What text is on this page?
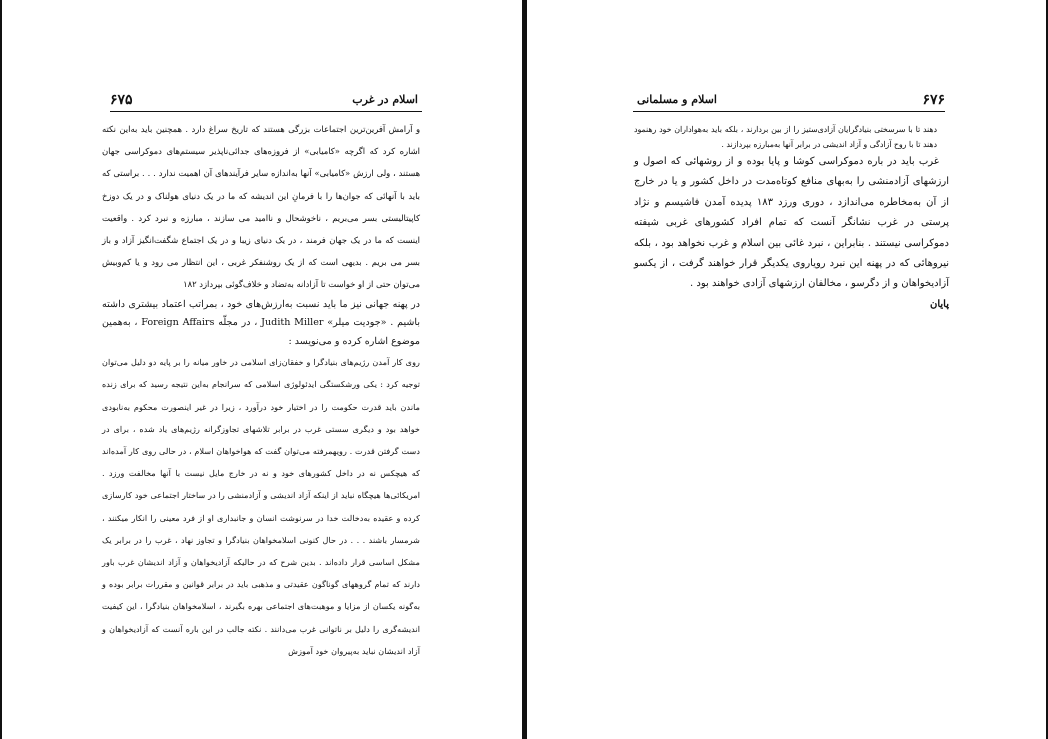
اسلام در غرب
۶۷۵

و آرامش آفرین‌ترین اجتماعات بزرگی هستند که تاریخ سراغ دارد . همچنین باید به‌این نکته اشاره کرد که اگرچه «کامیابی» از فروزه‌های جدائی‌ناپذیر سیستم‌های دموکراسی جهان هستند ، ولی ارزش «کامیابی» آنها به‌اندازه سایر فرآیندهای آن اهمیت ندارد . . . براستی که باید با آنهائی که جوان‌ها را با فرمانِ این اندیشه که ما در یک دنیای هولناک و در یک دوزخ کاپیتالیستی بسر می‌بریم ، ناخوشحال و ناامید می سازند ، مبارزه و نبرد کرد . واقعیت اینست که ما در یک جهان فرمند ، در یک دنیای زیبا و در یک اجتماع شگفت‌انگیز آزاد و باز بسر می بریم . بدیهی است که از یک روشنفکر غربی ، این انتظار می رود و یا کم‌وبیش می‌توان حتی از او خواست تا آزادانه به‌تضاد و خلاف‌گوئی بپردازد ۱۸۲

در پهنه جهانی نیز ما باید نسبت به‌ارزش‌های خود ، بمراتب اعتماد بیشتری داشته باشیم . «جودیت میلر» Judith Miller ، در مجلّه Foreign Affairs ، به‌همین موضوع اشاره کرده و می‌نویسد :

روی کار آمدن رژیم‌های بنیادگرا و خفقان‌زای اسلامی در خاور میانه را بر پایه دو دلیل می‌توان توجیه کرد : یکی ورشکستگی ایدئولوژی اسلامی که سرانجام به‌این نتیجه رسید که برای زنده ماندن باید قدرت حکومت را در اختیار خود درآورد ، زیرا در غیر اینصورت محکوم به‌نابودی خواهد بود و دیگری سستی غرب در برابر تلاشهای تجاوزگرانه رژیم‌های یاد شده ، برای در دست گرفتن قدرت . رویهمرفته می‌توان گفت که هواخواهان اسلام ، در حالی روی کار آمده‌اند که هیچکس نه در داخل کشورهای خود و نه در خارج مایل نیست با آنها مخالفت ورزد . امریکائی‌ها هیچگاه نباید از اینکه آزاد اندیشی و آزادمنشی را در ساختار اجتماعی خود کارسازی کرده و عقیده به‌دخالت خدا در سرنوشت انسان و جانبداری او از فرد معینی را انکار میکنند ، شرمسار باشند . . . در حال کنونی اسلامخواهان بنیادگرا و تجاوز نهاد ، غرب را در برابر یک مشکل اساسی قرار داده‌اند . بدین شرح که در حالیکه آزادیخواهان و آزاد اندیشان غرب باور دارند که تمام گروههای گوناگون عقیدتی و مذهبی باید در برابر قوانین و مقررات برابر بوده و به‌گونه یکسان از مزایا و موهبت‌های اجتماعی بهره بگیرند ، اسلامخواهان بنیادگرا ، این کیفیت اندیشه‌گری را دلیل بر ناتوانی غرب می‌دانند . نکته جالب در این باره آنست که آزادیخواهان و آزاد اندیشان نباید به‌پیروان خود آموزش

اسلام و مسلمانی	۶۷۶

دهند تا با سرسختی بنیادگرایان آزادی‌ستیز را از بین بردارند ، بلکه باید به‌هواداران خود رهنمود دهند تا با روح آزادگی و آزاد اندیشی در برابر آنها به‌مبارزه بپردازند .

غرب باید در باره دموکراسی کوشا و پایا بوده و از روشهائی که اصول و ارزشهای آزادمنشی را به‌بهای منافع کوتاه‌مدت در داخل کشور و یا در خارج از آن به‌مخاطره می‌اندازد ، دوری ورزد ۱۸۳ پدیده آمدن فاشیسم و نژاد پرستی در غرب نشانگر آنست که تمام افراد کشورهای غربی شیفته دموکراسی نیستند . بنابراین ، نبرد غائی بین اسلام و غرب نخواهد بود ، بلکه نیروهائی که در پهنه این نبرد رویاروی یکدیگر قرار خواهند گرفت ، از یکسو آزادیخواهان و از دگرسو ، مخالفان ارزشهای آزادی خواهند بود .

پایان
